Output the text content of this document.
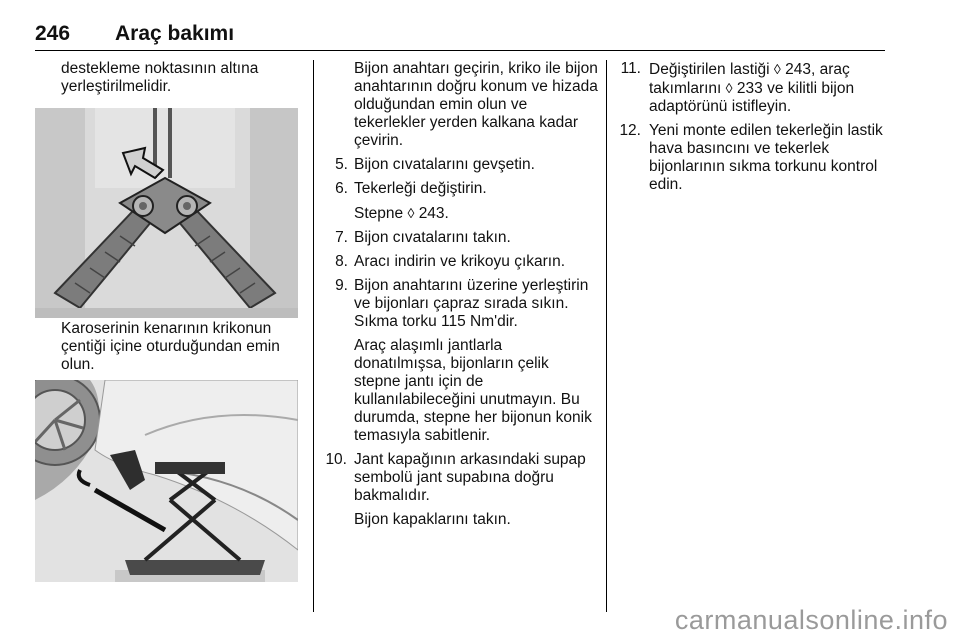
246 Araç bakımı

destekleme noktasının altına yerleştirilmelidir.

Karoserinin kenarının krikonun çentiği içine oturduğundan emin olun.

Bijon anahtarı geçirin, kriko ile bijon anahtarının doğru konum ve hizada olduğundan emin olun ve tekerlekler yerden kalkana kadar çevirin.

5. Bijon cıvatalarını gevşetin.
6. Tekerleği değiştirin.
Stepne ◊ 243.
7. Bijon cıvatalarını takın.
8. Aracı indirin ve krikoyu çıkarın.
9. Bijon anahtarını üzerine yerleştirin ve bijonları çapraz sırada sıkın. Sıkma torku 115 Nm'dir.
Araç alaşımlı jantlarla donatılmışsa, bijonların çelik stepne jantı için de kullanılabileceğini unutmayın. Bu durumda, stepne her bijonun konik temasıyla sabitlenir.
10. Jant kapağının arkasındaki supap sembolü jant supabına doğru bakmalıdır.
Bijon kapaklarını takın.
11. Değiştirilen lastiği ◊ 243, araç takımlarını ◊ 233 ve kilitli bijon adaptörünü istifleyin.
12. Yeni monte edilen tekerleğin lastik hava basıncını ve tekerlek bijonlarının sıkma torkunu kontrol edin.
carmanualsonline.info
